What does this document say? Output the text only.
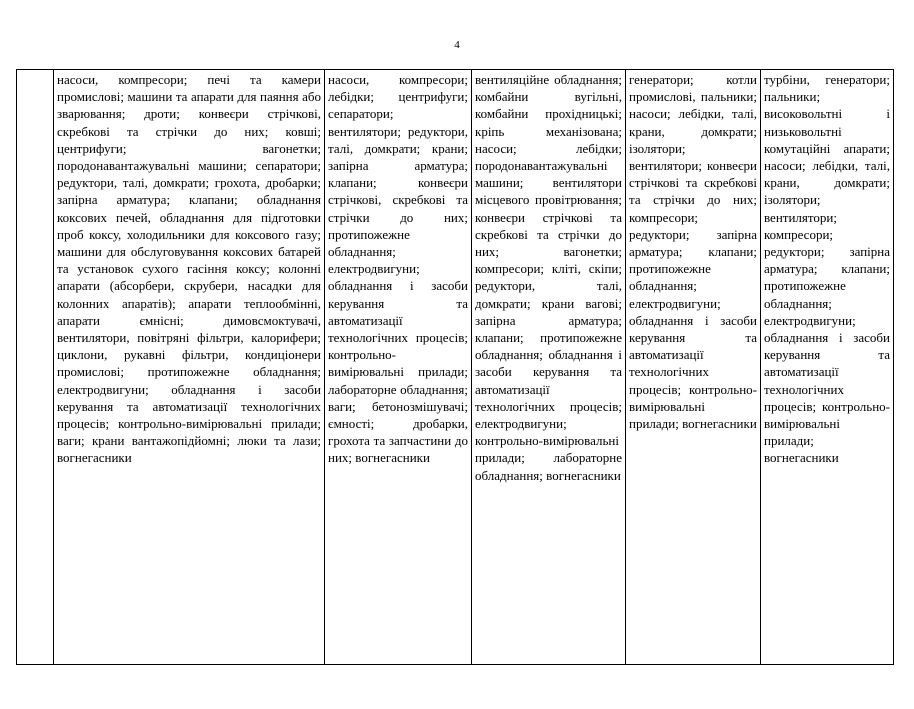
4
	насоси, компресори; печі та камери промислові; машини та апарати для паяння або зварювання; дроти; конвеєри стрічкові, скребкові та стрічки до них; ковші; центрифуги; вагонетки; породонавантажувальні машини; сепаратори; редуктори, талі, домкрати; грохота, дробарки; запірна арматура; клапани; обладнання коксових печей, обладнання для підготовки проб коксу, холодильники для коксового газу; машини для обслуговування коксових батарей та установок сухого гасіння коксу; колонні апарати (абсорбери, скрубери, насадки для колонних апаратів); апарати теплообмінні, апарати ємнісні; димовсмоктувачі, вентилятори, повітряні фільтри, калорифери; циклони, рукавні фільтри, кондиціонери промислові; протипожежне обладнання; електродвигуни; обладнання і засоби керування та автоматизації технологічних процесів; контрольно-вимірювальні прилади; ваги; крани вантажопідйомні; люки та лази; вогнегасники	насоси, компресори; лебідки; центрифуги; сепаратори; вентилятори; редуктори, талі, домкрати; крани; запірна арматура; клапани; конвеєри стрічкові, скребкові та стрічки до них; протипожежне обладнання; електродвигуни; обладнання і засоби керування та автоматизації технологічних процесів; контрольно-вимірювальні прилади; лабораторне обладнання; ваги; бетонозмішувачі; ємності; дробарки, грохота та запчастини до них; вогнегасники	вентиляційне обладнання; комбайни вугільні, комбайни прохідницькі; кріпь механізована; насоси; лебідки; породонавантажувальні машини; вентилятори місцевого провітрювання; конвеєри стрічкові та скребкові та стрічки до них; вагонетки; компресори; кліті, скіпи; редуктори, талі, домкрати; крани вагові; запірна арматура; клапани; протипожежне обладнання; обладнання і засоби керування та автоматизації технологічних процесів; електродвигуни; контрольно-вимірювальні прилади; лабораторне обладнання; вогнегасники	генератори; котли промислові, пальники; насоси; лебідки, талі, крани, домкрати; ізолятори; вентилятори; конвеєри стрічкові та скребкові та стрічки до них; компресори; редуктори; запірна арматура; клапани; протипожежне обладнання; електродвигуни; обладнання і засоби керування та автоматизації технологічних процесів; контрольно-вимірювальні прилади; вогнегасники	турбіни, генератори; пальники; високовольтні і низьковольтні комутаційні апарати; насоси; лебідки, талі, крани, домкрати; ізолятори; вентилятори; компресори; редуктори; запірна арматура; клапани; протипожежне обладнання; електродвигуни; обладнання і засоби керування та автоматизації технологічних процесів; контрольно-вимірювальні прилади; вогнегасники
